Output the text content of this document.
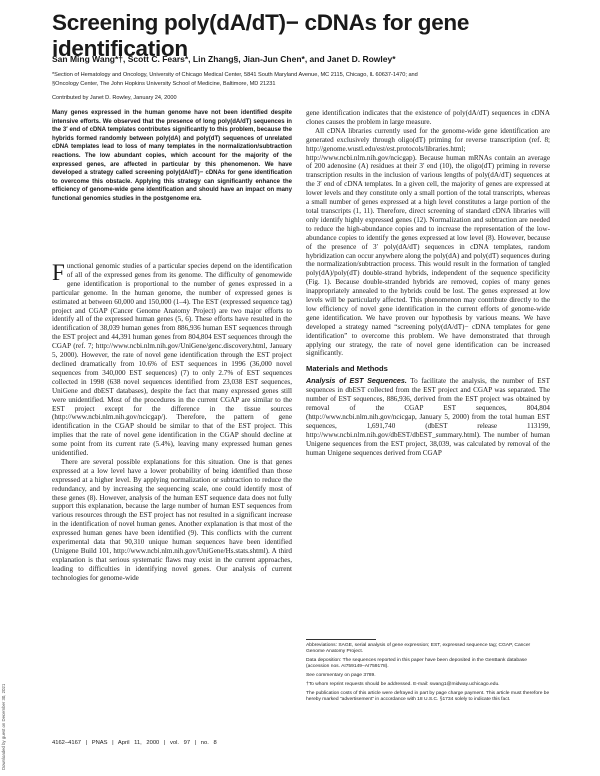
Screening poly(dA/dT)− cDNAs for gene identification
San Ming Wang*†, Scott C. Fears*, Lin Zhang§, Jian-Jun Chen*, and Janet D. Rowley*
*Section of Hematology and Oncology, University of Chicago Medical Center, 5841 South Maryland Avenue, MC 2115, Chicago, IL 60637-1470; and
§Oncology Center, The John Hopkins University School of Medicine, Baltimore, MD 21231
Contributed by Janet D. Rowley, January 24, 2000
Many genes expressed in the human genome have not been identified despite intensive efforts. We observed that the presence of long poly(dA/dT) sequences in the 3′ end of cDNA templates contributes significantly to this problem, because the hybrids formed randomly between poly(dA) and poly(dT) sequences of unrelated cDNA templates lead to loss of many templates in the normalization/subtraction reactions. The low abundant copies, which account for the majority of the expressed genes, are affected in particular by this phenomenon. We have developed a strategy called screening poly(dA/dT)− cDNAs for gene identification to overcome this obstacle. Applying this strategy can significantly enhance the efficiency of genome-wide gene identification and should have an impact on many functional genomics studies in the postgenome era.

Functional genomic studies of a particular species depend on the identification of all of the expressed genes from its genome. The difficulty of genomewide gene identification is proportional to the number of genes expressed in a particular genome. In the human genome, the number of expressed genes is estimated at between 60,000 and 150,000 (1–4). The EST (expressed sequence tag) project and CGAP (Cancer Genome Anatomy Project) are two major efforts to identify all of the expressed human genes (5, 6). These efforts have resulted in the identification of 38,039 human genes from 886,936 human EST sequences through the EST project and 44,391 human genes from 804,804 EST sequences through the CGAP (ref. 7; http://www.ncbi.nlm.nih.gov/UniGene/genc.discovery.html, January 5, 2000). However, the rate of novel gene identification through the EST project declined dramatically from 10.6% of EST sequences in 1996 (36,000 novel sequences from 340,000 EST sequences) (7) to only 2.7% of EST sequences collected in 1998 (638 novel sequences identified from 23,038 EST sequences, UniGene and dbEST databases), despite the fact that many expressed genes still were unidentified. Most of the procedures in the current CGAP are similar to the EST project except for the difference in the tissue sources (http://www.ncbi.nlm.nih.gov/ncicgap/). Therefore, the pattern of gene identification in the CGAP should be similar to that of the EST project. This implies that the rate of novel gene identification in the CGAP should decline at some point from its current rate (5.4%), leaving many expressed human genes unidentified.

There are several possible explanations for this situation. One is that genes expressed at a low level have a lower probability of being identified than those expressed at a higher level. By applying normalization or subtraction to reduce the redundancy, and by increasing the sequencing scale, one could identify most of these genes (8). However, analysis of the human EST sequence data does not fully support this explanation, because the large number of human EST sequences from various resources through the EST project has not resulted in a significant increase in the identification of novel human genes. Another explanation is that most of the expressed human genes have been identified (9). This conflicts with the current experimental data that 90,310 unique human sequences have been identified (Unigene Build 101, http://www.ncbi.nlm.nih.gov/UniGene/Hs.stats.shtml). A third explanation is that serious systematic flaws may exist in the current approaches, leading to difficulties in identifying novel genes. Our analysis of current technologies for genome-wide

gene identification indicates that the existence of poly(dA/dT) sequences in cDNA clones causes the problem in large measure.

All cDNA libraries currently used for the genome-wide gene identification are generated exclusively through oligo(dT) priming for reverse transcription (ref. 8; http://genome.wustl.edu/est/est.protocols/libraries.html; http://www.ncbi.nlm.nih.gov/ncicgap). Because human mRNAs contain an average of 200 adenosine (A) residues at their 3′ end (10), the oligo(dT) priming in reverse transcription results in the inclusion of various lengths of poly(dA/dT) sequences at the 3′ end of cDNA templates. In a given cell, the majority of genes are expressed at lower levels and they constitute only a small portion of the total transcripts, whereas a small number of genes expressed at a high level constitutes a large portion of the total transcripts (1, 11). Therefore, direct screening of standard cDNA libraries will only identify highly expressed genes (12). Normalization and subtraction are needed to reduce the high-abundance copies and to increase the representation of the low-abundance copies to identify the genes expressed at low level (8). However, because of the presence of 3′ poly(dA/dT) sequences in cDNA templates, random hybridization can occur anywhere along the poly(dA) and poly(dT) sequences during the normalization/subtraction process. This would result in the formation of tangled poly(dA)/poly(dT) double-strand hybrids, independent of the sequence specificity (Fig. 1). Because double-stranded hybrids are removed, copies of many genes inappropriately annealed to the hybrids could be lost. The genes expressed at low levels will be particularly affected. This phenomenon may contribute directly to the low efficiency of novel gene identification in the current efforts of genome-wide gene identification. We have proven our hypothesis by various means. We have developed a strategy named “screening poly(dA/dT)− cDNA templates for gene identification” to overcome this problem. We have demonstrated that through applying our strategy, the rate of novel gene identification can be increased significantly.

Materials and Methods

Analysis of EST Sequences. To facilitate the analysis, the number of EST sequences in dbEST collected from the EST project and CGAP was separated. The number of EST sequences, 886,936, derived from the EST project was obtained by removal of the CGAP EST sequences, 804,804 (http://www.ncbi.nlm.nih.gov/ncicgap, January 5, 2000) from the total human EST sequences, 1,691,740 (dbEST release 113199, http://www.ncbi.nlm.nih.gov/dbEST/dbEST_summary.html). The number of human Unigene sequences from the EST project, 38,039, was calculated by removal of the human Unigene sequences derived from CGAP

Abbreviations: SAGE, serial analysis of gene expression; EST, expressed sequence tag; CGAP, Cancer Genome Anatomy Project.
Data deposition: The sequences reported in this paper have been deposited in the GenBank database (accession nos. AI759149–AI759178).
See commentary on page 3789.
†To whom reprint requests should be addressed. E-mail: swang1@midway.uchicago.edu.
The publication costs of this article were defrayed in part by page charge payment. This article must therefore be hereby marked “advertisement” in accordance with 18 U.S.C. §1734 solely to indicate this fact.
4162–4167 | PNAS | April 11, 2000 | vol. 97 | no. 8
Downloaded by guest on December 30, 2021
